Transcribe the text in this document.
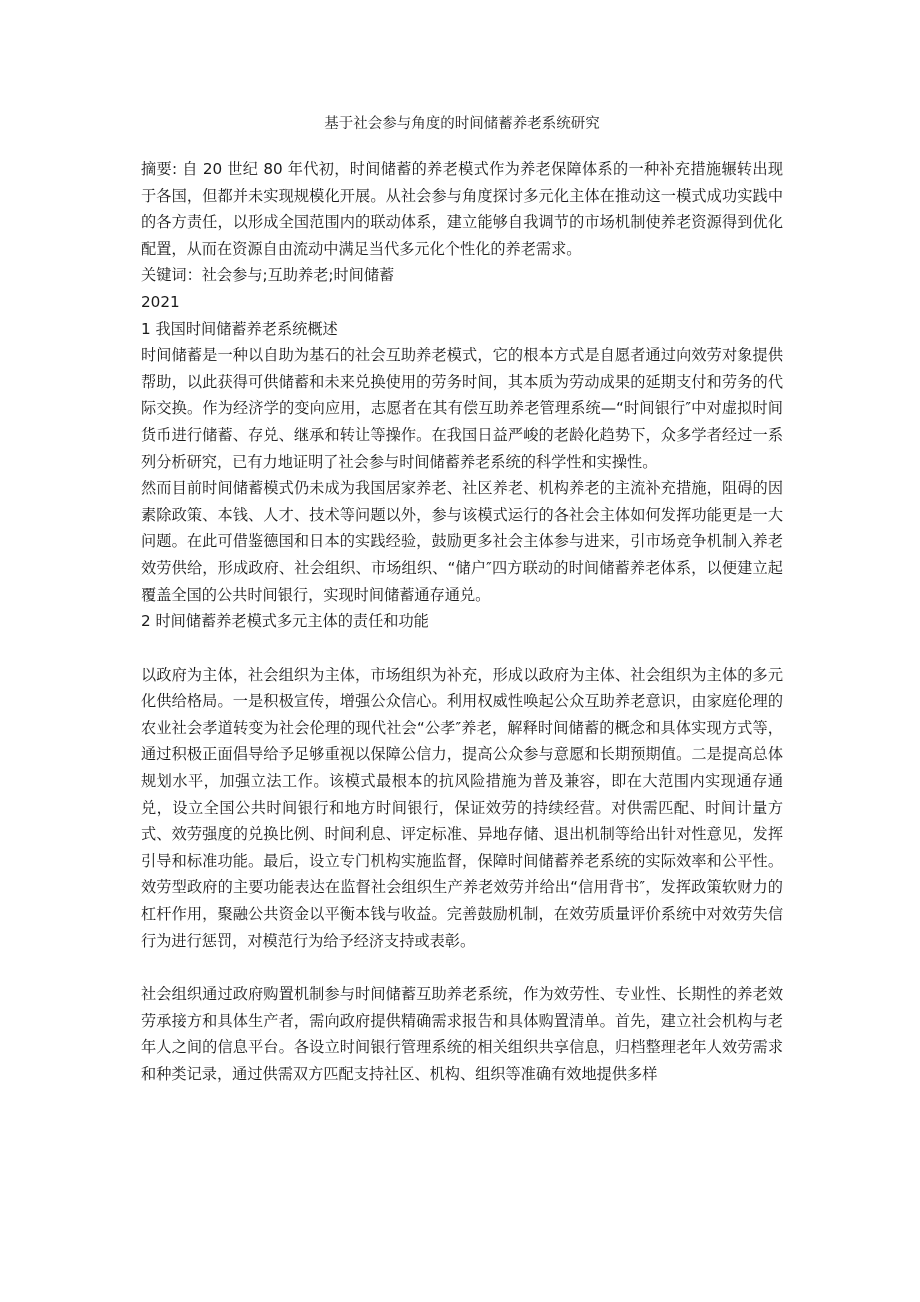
基于社会参与角度的时间储蓄养老系统研究

摘要: 自 20 世纪 80 年代初，时间储蓄的养老模式作为养老保障体系的一种补充措施辗转出现于各国，但都并未实现规模化开展。从社会参与角度探讨多元化主体在推动这一模式成功实践中的各方责任，以形成全国范围内的联动体系，建立能够自我调节的市场机制使养老资源得到优化配置，从而在资源自由流动中满足当代多元化个性化的养老需求。

关键词：社会参与;互助养老;时间储蓄

2021

1 我国时间储蓄养老系统概述

时间储蓄是一种以自助为基石的社会互助养老模式，它的根本方式是自愿者通过向效劳对象提供帮助，以此获得可供储蓄和未来兑换使用的劳务时间，其本质为劳动成果的延期支付和劳务的代际交换。作为经济学的变向应用，志愿者在其有偿互助养老管理系统—“时间银行″中对虚拟时间货币进行储蓄、存兑、继承和转让等操作。在我国日益严峻的老龄化趋势下，众多学者经过一系列分析研究，已有力地证明了社会参与时间储蓄养老系统的科学性和实操性。

然而目前时间储蓄模式仍未成为我国居家养老、社区养老、机构养老的主流补充措施，阻碍的因素除政策、本钱、人才、技术等问题以外，参与该模式运行的各社会主体如何发挥功能更是一大问题。在此可借鉴德国和日本的实践经验，鼓励更多社会主体参与进来，引市场竞争机制入养老效劳供给，形成政府、社会组织、市场组织、“储户″四方联动的时间储蓄养老体系，以便建立起覆盖全国的公共时间银行，实现时间储蓄通存通兑。

2 时间储蓄养老模式多元主体的责任和功能

以政府为主体，社会组织为主体，市场组织为补充，形成以政府为主体、社会组织为主体的多元化供给格局。一是积极宣传，增强公众信心。利用权威性唤起公众互助养老意识，由家庭伦理的农业社会孝道转变为社会伦理的现代社会“公孝″养老，解释时间储蓄的概念和具体实现方式等，通过积极正面倡导给予足够重视以保障公信力，提高公众参与意愿和长期预期值。二是提高总体规划水平，加强立法工作。该模式最根本的抗风险措施为普及兼容，即在大范围内实现通存通兑，设立全国公共时间银行和地方时间银行，保证效劳的持续经营。对供需匹配、时间计量方式、效劳强度的兑换比例、时间利息、评定标准、异地存储、退出机制等给出针对性意见，发挥引导和标准功能。最后，设立专门机构实施监督，保障时间储蓄养老系统的实际效率和公平性。效劳型政府的主要功能表达在监督社会组织生产养老效劳并给出“信用背书″，发挥政策软财力的杠杆作用，聚融公共资金以平衡本钱与收益。完善鼓励机制，在效劳质量评价系统中对效劳失信行为进行惩罚，对模范行为给予经济支持或表彰。

社会组织通过政府购置机制参与时间储蓄互助养老系统，作为效劳性、专业性、长期性的养老效劳承接方和具体生产者，需向政府提供精确需求报告和具体购置清单。首先，建立社会机构与老年人之间的信息平台。各设立时间银行管理系统的相关组织共享信息，归档整理老年人效劳需求和种类记录，通过供需双方匹配支持社区、机构、组织等准确有效地提供多样
